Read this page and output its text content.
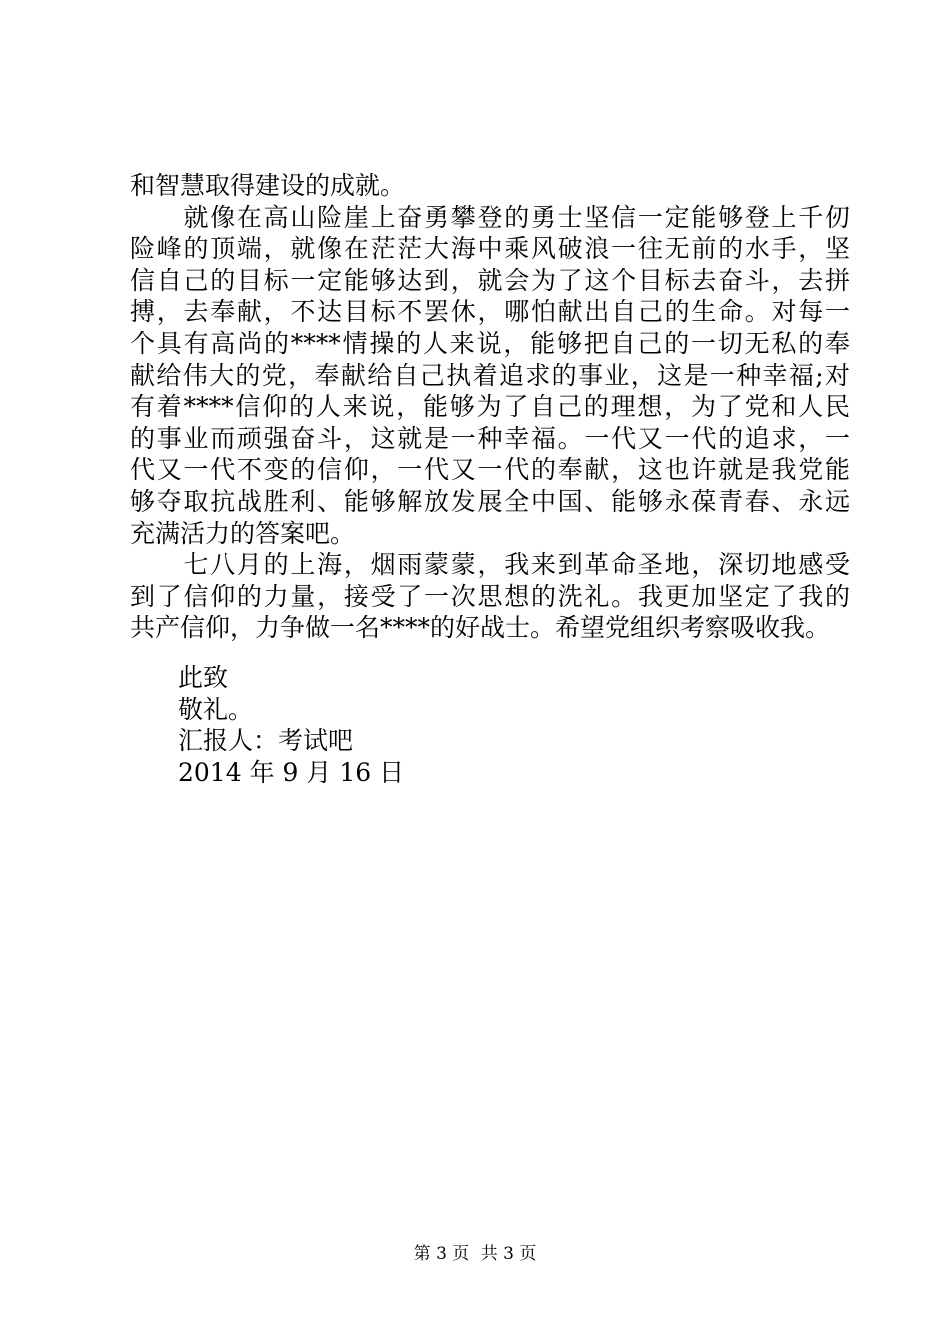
和智慧取得建设的成就。
　　就像在高山险崖上奋勇攀登的勇士坚信一定能够登上千仞
险峰的顶端，就像在茫茫大海中乘风破浪一往无前的水手，坚
信自己的目标一定能够达到，就会为了这个目标去奋斗，去拼
搏，去奉献，不达目标不罢休，哪怕献出自己的生命。对每一
个具有高尚的****情操的人来说，能够把自己的一切无私的奉
献给伟大的党，奉献给自己执着追求的事业，这是一种幸福;对
有着****信仰的人来说，能够为了自己的理想，为了党和人民
的事业而顽强奋斗，这就是一种幸福。一代又一代的追求，一
代又一代不变的信仰，一代又一代的奉献，这也许就是我党能
够夺取抗战胜利、能够解放发展全中国、能够永葆青春、永远
充满活力的答案吧。
　　七八月的上海，烟雨蒙蒙，我来到革命圣地，深切地感受
到了信仰的力量，接受了一次思想的洗礼。我更加坚定了我的
共产信仰，力争做一名****的好战士。希望党组织考察吸收我。
此致
敬礼。
汇报人：考试吧
2014 年 9 月 16 日
第 3 页 共 3 页
